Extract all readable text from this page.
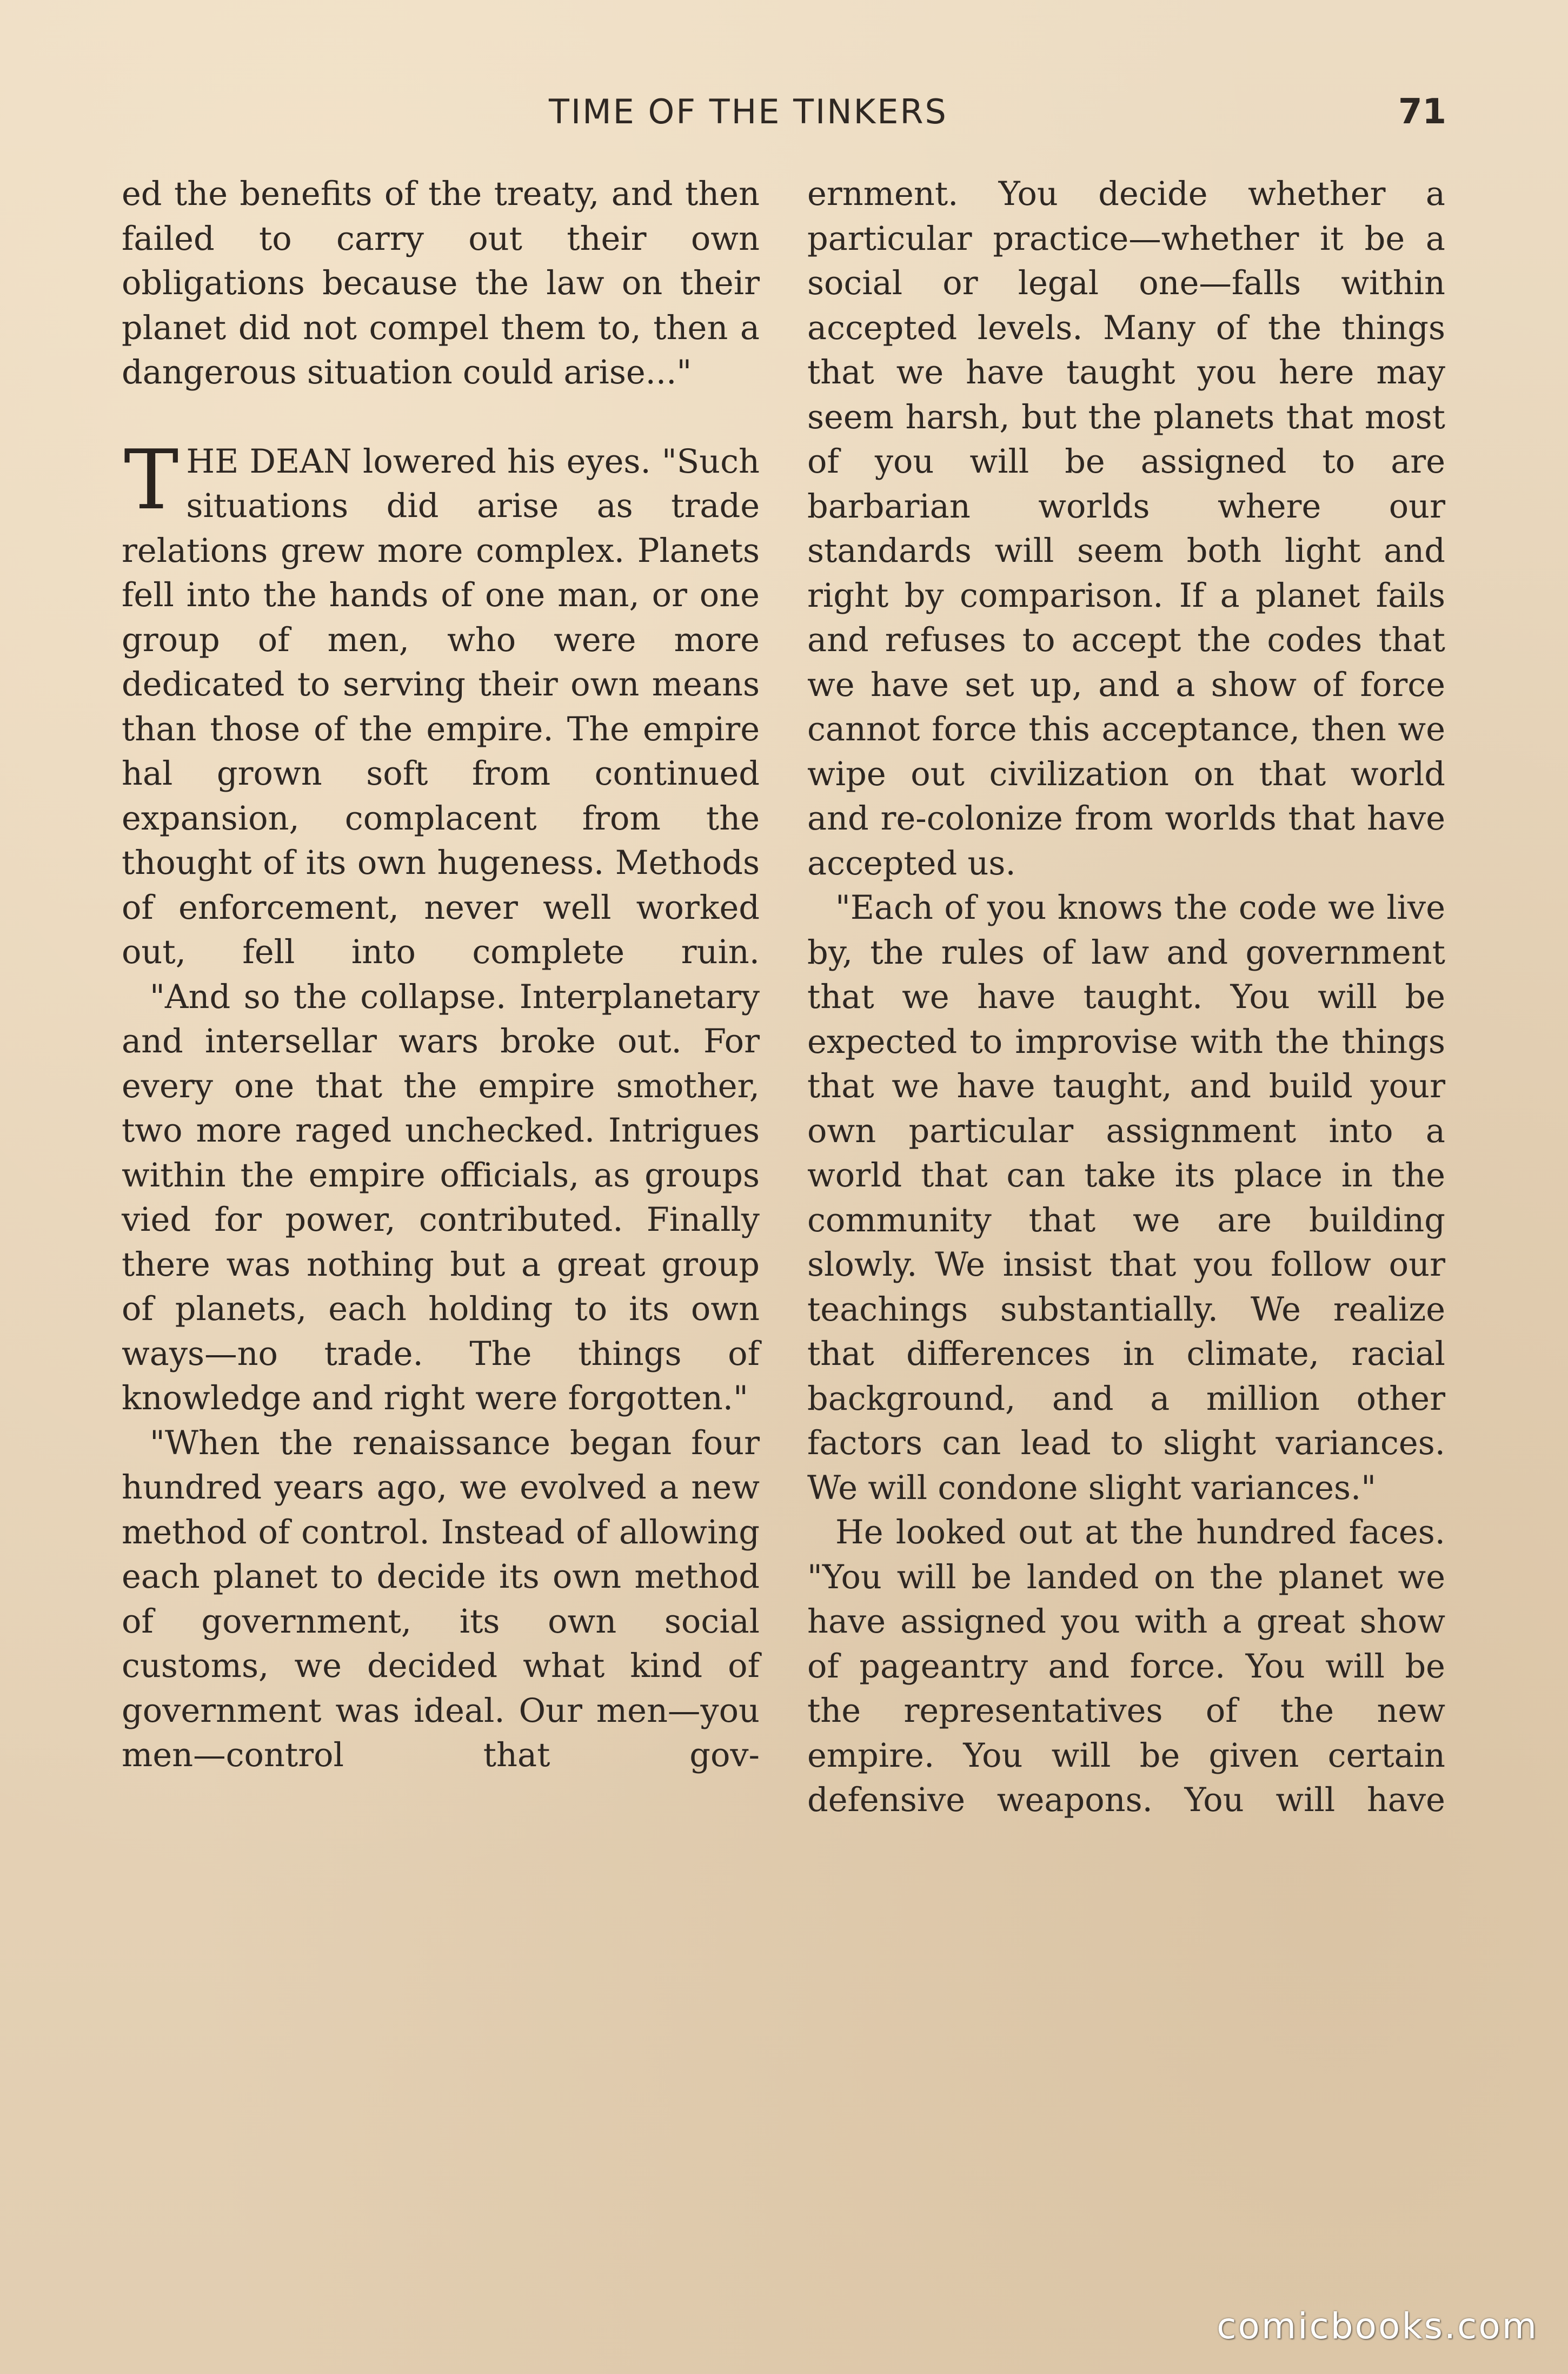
TIME OF THE TINKERS	71

ed the benefits of the treaty, and then failed to carry out their own obligations because the law on their planet did not compel them to, then a dangerous situation could arise..."

THE DEAN lowered his eyes. "Such situations did arise as trade relations grew more complex. Planets fell into the hands of one man, or one group of men, who were more dedicated to serving their own means than those of the empire. The empire hal grown soft from continued expansion, complacent from the thought of its own hugeness. Methods of enforcement, never well worked out, fell into complete ruin.

"And so the collapse. Interplanetary and intersellar wars broke out. For every one that the empire smother, two more raged unchecked. Intrigues within the empire officials, as groups vied for power, contributed. Finally there was nothing but a great group of planets, each holding to its own ways—no trade. The things of knowledge and right were forgotten."

"When the renaissance began four hundred years ago, we evolved a new method of control. Instead of allowing each planet to decide its own method of government, its own social customs, we decided what kind of government was ideal. Our men—you men—control that gov-

ernment. You decide whether a particular practice—whether it be a social or legal one—falls within accepted levels. Many of the things that we have taught you here may seem harsh, but the planets that most of you will be assigned to are barbarian worlds where our standards will seem both light and right by comparison. If a planet fails and refuses to accept the codes that we have set up, and a show of force cannot force this acceptance, then we wipe out civilization on that world and re-colonize from worlds that have accepted us.

"Each of you knows the code we live by, the rules of law and government that we have taught. You will be expected to improvise with the things that we have taught, and build your own particular assignment into a world that can take its place in the community that we are building slowly. We insist that you follow our teachings substantially. We realize that differences in climate, racial background, and a million other factors can lead to slight variances. We will condone slight variances."

He looked out at the hundred faces. "You will be landed on the planet we have assigned you with a great show of pageantry and force. You will be the representatives of the new empire. You will be given certain defensive weapons. You will have

comicbooks.com
